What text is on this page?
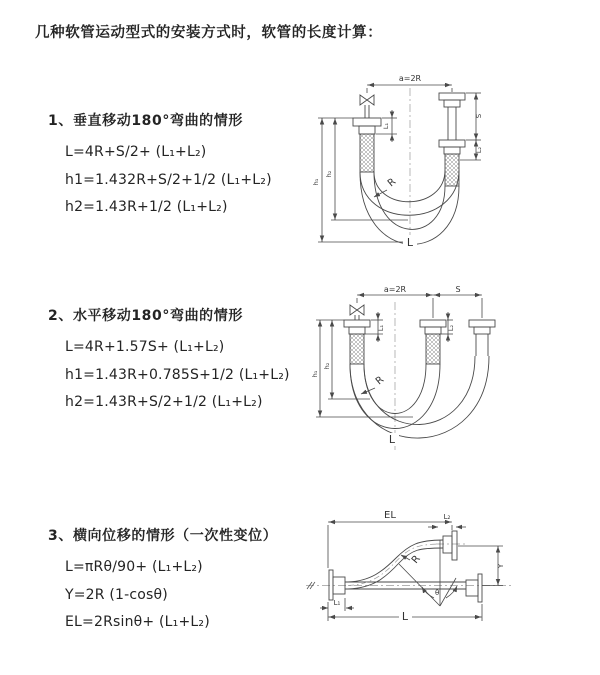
几种软管运动型式的安装方式时，软管的长度计算：
1、垂直移动180°弯曲的情形
L=4R+S/2+ (L₁+L₂)
h1=1.432R+S/2+1/2 (L₁+L₂)
h2=1.43R+1/2 (L₁+L₂)
a=2R
L₁
S
L₂
h₁
h₂
R
L
2、水平移动180°弯曲的情形
L=4R+1.57S+ (L₁+L₂)
h1=1.43R+0.785S+1/2 (L₁+L₂)
h2=1.43R+S/2+1/2 (L₁+L₂)
a=2R	S
L₁	L₂
h₁
h₂
R
L
3、横向位移的情形（一次性变位）
L=πRθ/90+ (L₁+L₂)
Y=2R (1-cosθ)
EL=2Rsinθ+ (L₁+L₂)
EL	L₂
Y
R
θ
L₁
L
